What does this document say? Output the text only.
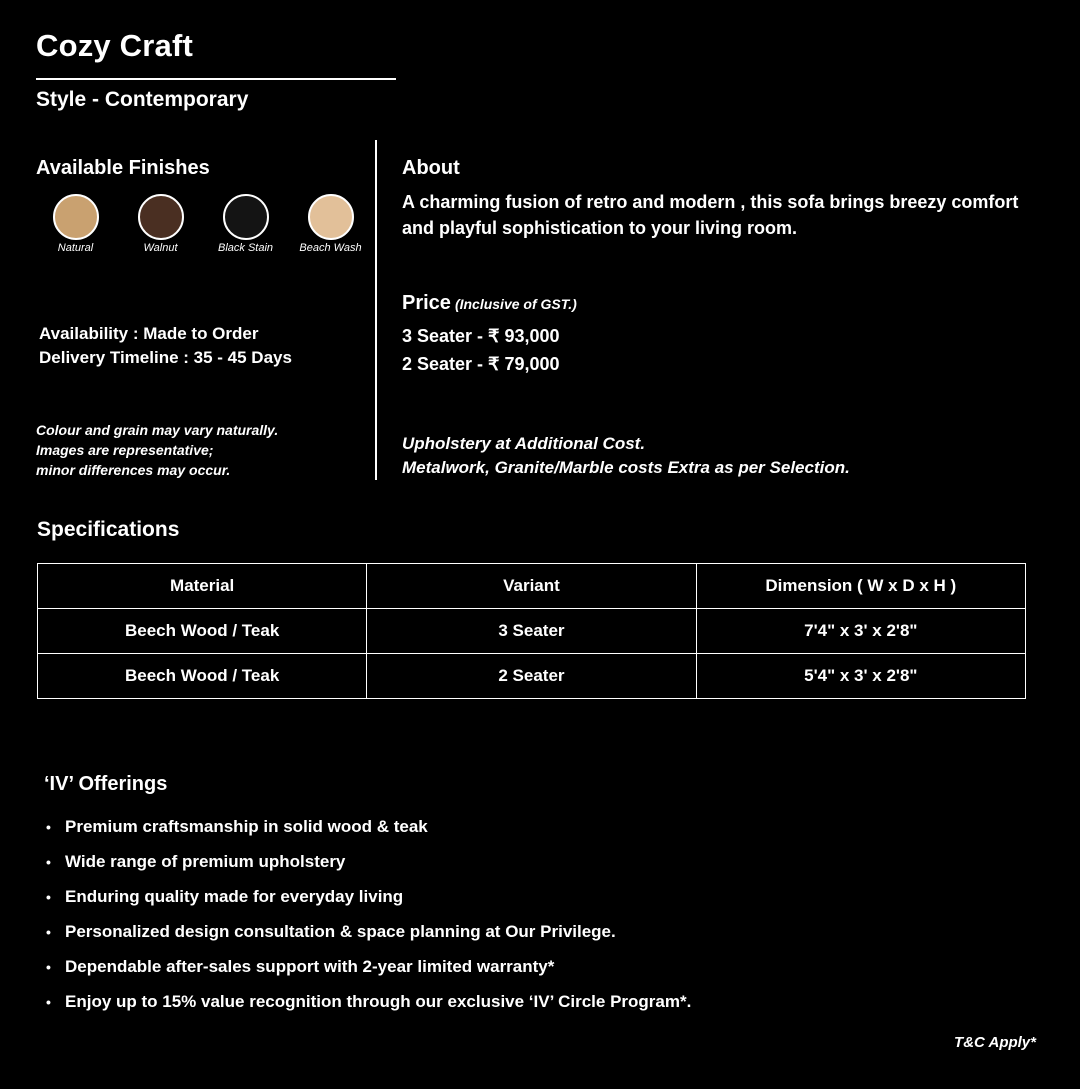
Cozy Craft
Style - Contemporary
Available Finishes
Natural	Walnut	Black Stain Beach Wash
Availability : Made to Order
Delivery Timeline : 35 - 45 Days
Colour and grain may vary naturally.
Images are representative;
minor differences may occur.
About
A charming fusion of retro and modern , this sofa brings breezy comfort and playful sophistication to your living room.
Price (Inclusive of GST.)
3 Seater - ₹ 93,000
2 Seater - ₹ 79,000
Upholstery at Additional Cost.
Metalwork, Granite/Marble costs Extra as per Selection.
Specifications
Material	Variant	Dimension ( W x D x H )
Beech Wood / Teak	3 Seater	7'4" x 3' x 2'8"
Beech Wood / Teak	2 Seater	5'4" x 3' x 2'8"
‘IV’ Offerings
• Premium craftsmanship in solid wood & teak
• Wide range of premium upholstery
• Enduring quality made for everyday living
• Personalized design consultation & space planning at Our Privilege.
• Dependable after-sales support with 2-year limited warranty*
• Enjoy up to 15% value recognition through our exclusive ‘IV’ Circle Program*.
T&C Apply*
